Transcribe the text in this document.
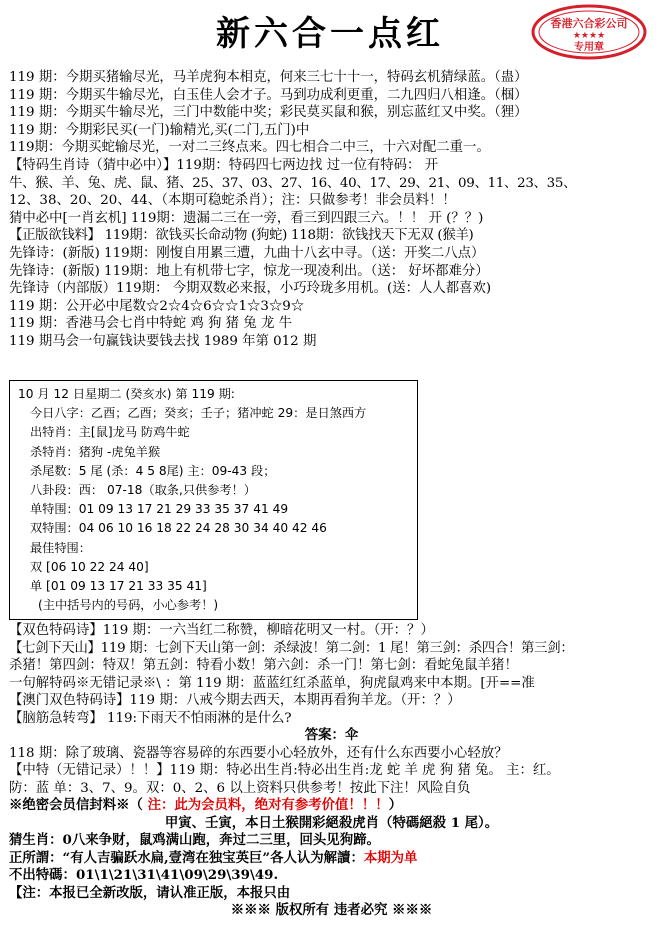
新六合一点红	香港六合彩公司
★★★★
专用章
119 期：今期买猪输尽光，马羊虎狗本相克，何来三七十十一，特码玄机猜绿蓝。（蛊）
119 期：今期买牛输尽光，白玉佳人会才子。马到功成利更重，二九四归八相逢。（椢）
119 期：今期买牛输尽光，三门中数能中奖；彩民莫买鼠和猴，别忘蓝红又中奖。（狸）
119 期：今期彩民买(一门)输精光,买(二门,五门)中
119期：今期买蛇输尽光，一对二三终点来。四七相合二中三，十六对配二重一。
【特码生肖诗（猜中必中）】119期：特码四七两边找 过一位有特码： 开
牛、猴、羊、兔、虎、鼠、猪、25、37、03、27、16、40、17、29、21、09、11、23、35、
12、38、20、20、44、（本期可稳蛇杀肖）；注：只做参考！非会员料！！
猜中必中[一肖玄机] 119期：遗漏二三在一旁，看三到四跟三六。！！ 开 (？？)
【正版欲钱料】 119期：欲钱买长命动物 (狗蛇) 118期：欲钱找天下无双 (猴羊)
先锋诗：(新版) 119期：刚愎自用累三遭，九曲十八玄中寻。（送：开奖二八点）
先锋诗：(新版) 119期：地上有机带七字，惊龙一现凌利出。（送： 好坏都难分）
先锋诗（内部版）119期： 今期双数必来报，小巧玲珑多用机。(送：人人都喜欢)
119 期：公开必中尾数☆2☆4☆6☆☆1☆3☆9☆
119 期：香港马会七肖中特蛇 鸡 狗 猪 兔 龙 牛
119 期马会一句赢钱诀要钱去找 1989 年第 012 期
10 月 12 日星期二 (癸亥水) 第 119 期:
今日八字：乙酉；乙酉；癸亥；壬子；猪冲蛇 29：是日煞西方
出特肖：主[鼠]龙马 防鸡牛蛇
杀特肖：猪狗 -虎兔羊猴
杀尾数：5 尾 (杀：4 5 8尾) 主：09-43 段；
八卦段：西： 07-18（取条,只供参考！）
单特围：01 09 13 17 21 29 33 35 37 41 49
双特围：04 06 10 16 18 22 24 28 30 34 40 42 46
最佳特围：
双 [06 10 22 24 40]
单 [01 09 13 17 21 33 35 41]
(主中括号内的号码，小心参考！)
【双色特码诗】119 期：一六当红二称赞，柳暗花明又一村。（开：？）
【七剑下天山】119 期：七剑下天山第一剑：杀绿波！第二剑：1 尾！第三剑：杀四合！第三剑：
杀猪！第四剑：特双！第五剑：特看小数！第六剑：杀一门！第七剑：看蛇兔鼠羊猪！
一句解特码※无错记录※\ ：第 119 期：蓝蓝红红杀蓝单，狗虎鼠鸡来中本期。[开==准
【澳门双色特码诗】119 期：八戒今期去西天，本期再看狗羊龙。（开：？）
【脑筋急转弯】 119:下雨天不怕雨淋的是什么?
答案：伞
118 期：除了玻璃、瓷器等容易碎的东西要小心轻放外，还有什么东西要小心轻放？
【中特（无错记录）！！】119 期：特必出生肖:特必出生肖:龙 蛇 羊 虎 狗 猪 兔。 主：红。
防：蓝 单：3、7、9。双：0、2、6 以上资料只供参考！按此下注！风险自负
※绝密会员信封料※（ 注：此为会员料，绝对有参考价值！！！）
甲寅、壬寅，本日土猴開彩絕殺虎肖（特碼絕殺 1 尾）。
猜生肖：0八来争财，鼠鸡满山跑，奔过二三里，回头见狗蹄。
正所謂：“有人吉骗跃水扁,壹湾在独宝英巨”各人认为解讀：本期为单
不出特碼：01\1\21\31\41\09\29\39\49.
【注：本报已全新改版，请认准正版，本报只由
※※※ 版权所有 违者必究 ※※※
